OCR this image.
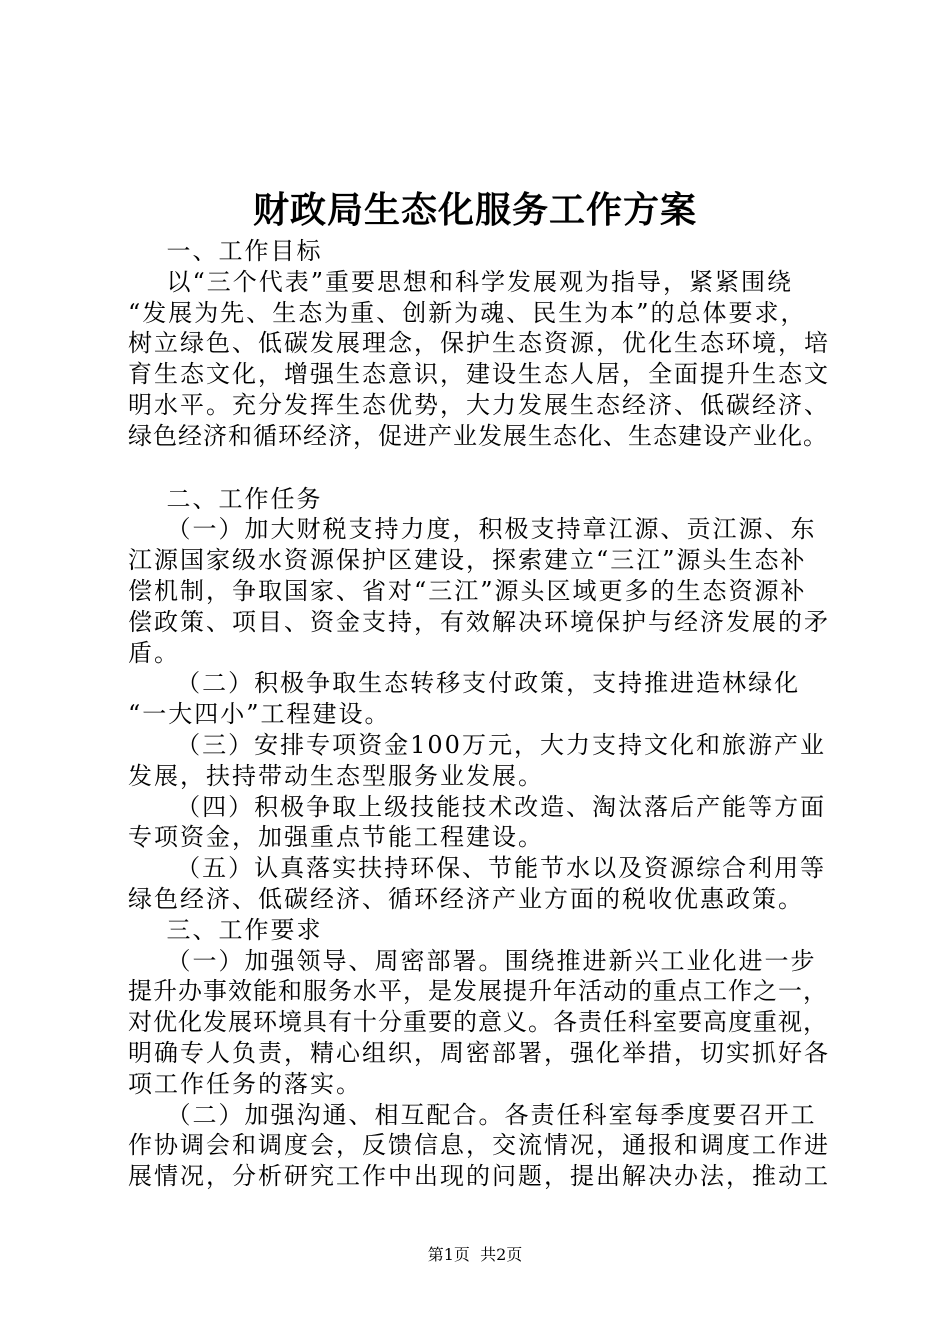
财政局生态化服务工作方案
一、工作目标
以“三个代表”重要思想和科学发展观为指导，紧紧围绕
“发展为先、生态为重、创新为魂、民生为本”的总体要求，
树立绿色、低碳发展理念，保护生态资源，优化生态环境，培
育生态文化，增强生态意识，建设生态人居，全面提升生态文
明水平。充分发挥生态优势，大力发展生态经济、低碳经济、
绿色经济和循环经济，促进产业发展生态化、生态建设产业化。
二、工作任务
（一）加大财税支持力度，积极支持章江源、贡江源、东
江源国家级水资源保护区建设，探索建立“三江”源头生态补
偿机制，争取国家、省对“三江”源头区域更多的生态资源补
偿政策、项目、资金支持，有效解决环境保护与经济发展的矛
盾。
（二）积极争取生态转移支付政策，支持推进造林绿化
“一大四小”工程建设。
（三）安排专项资金100万元，大力支持文化和旅游产业
发展，扶持带动生态型服务业发展。
（四）积极争取上级技能技术改造、淘汰落后产能等方面
专项资金，加强重点节能工程建设。
（五）认真落实扶持环保、节能节水以及资源综合利用等
绿色经济、低碳经济、循环经济产业方面的税收优惠政策。
三、工作要求
（一）加强领导、周密部署。围绕推进新兴工业化进一步
提升办事效能和服务水平，是发展提升年活动的重点工作之一，
对优化发展环境具有十分重要的意义。各责任科室要高度重视，
明确专人负责，精心组织，周密部署，强化举措，切实抓好各
项工作任务的落实。
（二）加强沟通、相互配合。各责任科室每季度要召开工
作协调会和调度会，反馈信息，交流情况，通报和调度工作进
展情况，分析研究工作中出现的问题，提出解决办法，推动工
第1页  共2页
